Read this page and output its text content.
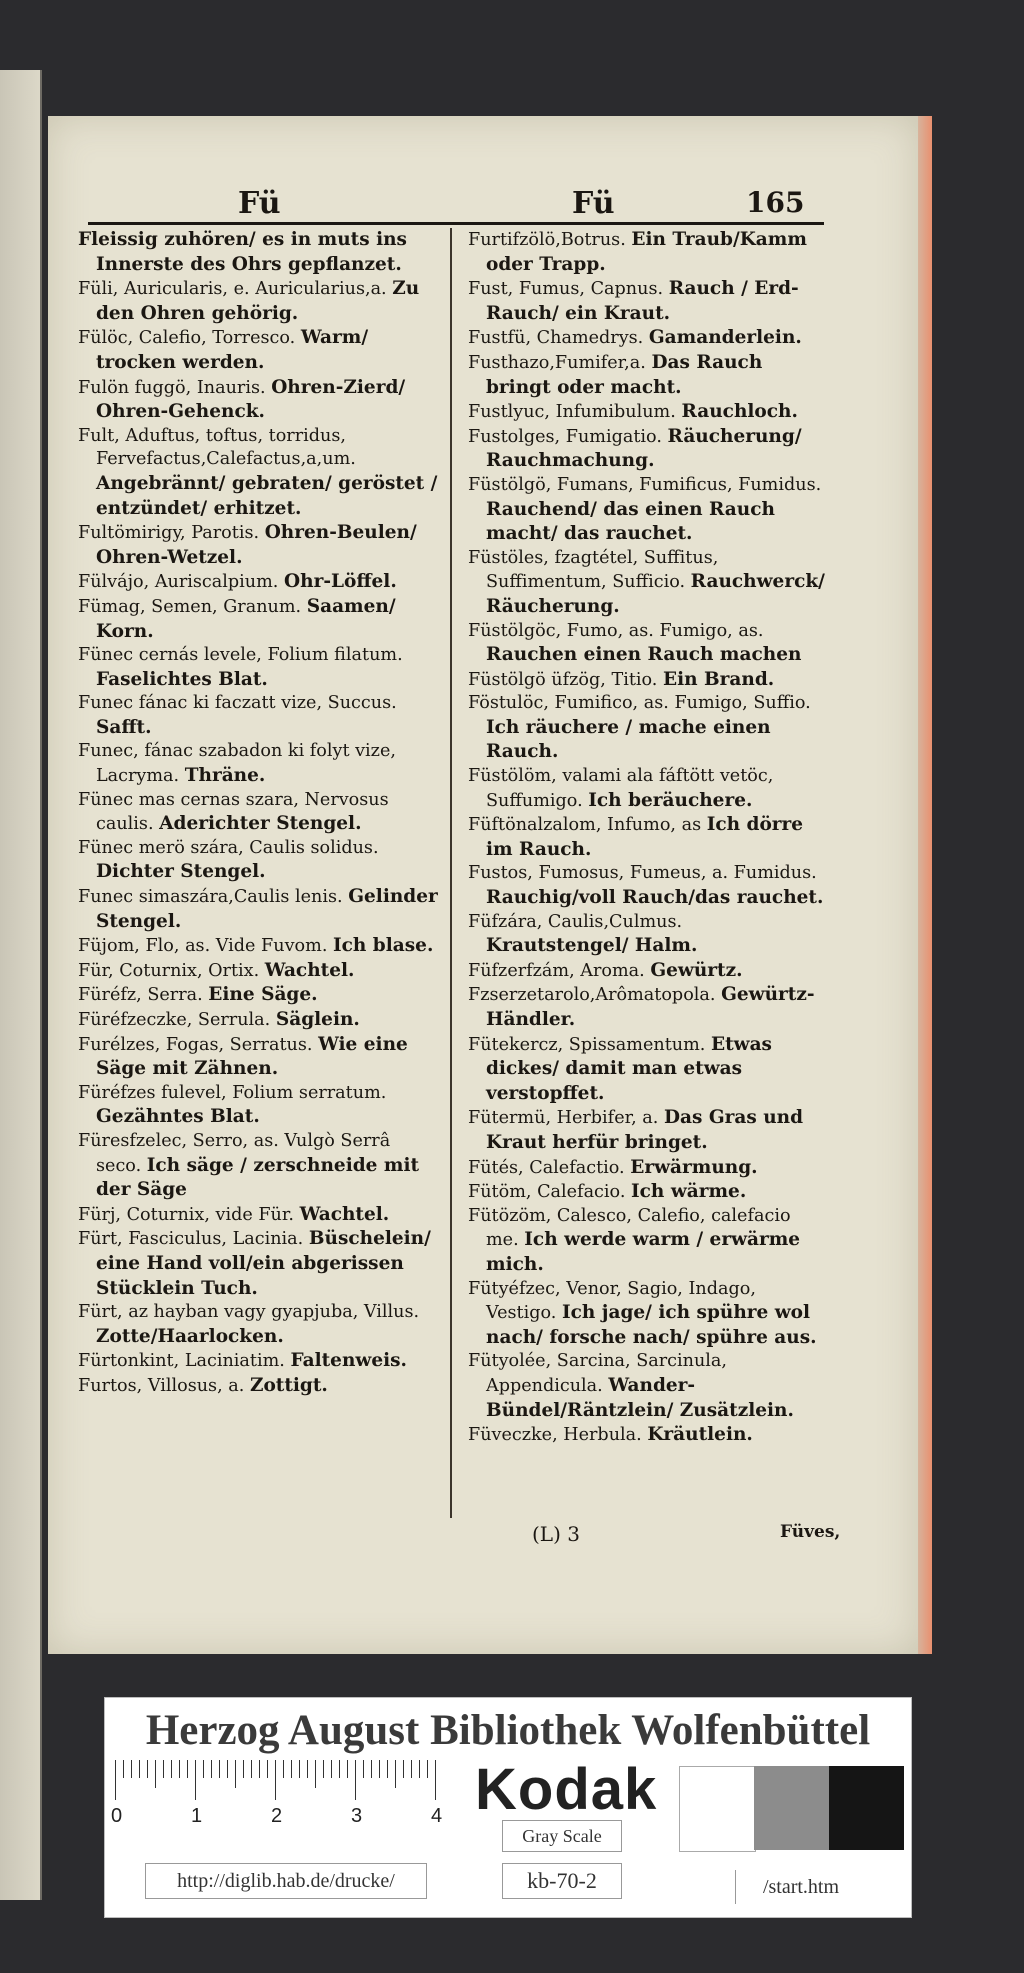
Fü	Fü	165

Fleissig zuhören/ es in muts ins Innerste des Ohrs gepflanzet.

Füli, Auricularis, e. Auricularius,a. Zu den Ohren gehörig.

Fülöc, Calefio, Torresco. Warm/ trocken werden.

Fulön fuggö, Inauris. Ohren-Zierd/ Ohren-Gehenck.

Fult, Aduftus, toftus, torridus, Fervefactus,Calefactus,a,um. Angebrännt/ gebraten/ geröstet / entzündet/ erhitzet.

Fultömirigy, Parotis. Ohren-Beulen/ Ohren-Wetzel.

Fülvájo, Auriscalpium. Ohr-Löffel.

Fümag, Semen, Granum. Saamen/ Korn.

Fünec cernás levele, Folium filatum. Faselichtes Blat.

Funec fánac ki faczatt vize, Succus. Safft.

Funec, fánac szabadon ki folyt vize, Lacryma. Thräne.

Fünec mas cernas szara, Nervosus caulis. Aderichter Stengel.

Fünec merö szára, Caulis solidus. Dichter Stengel.

Funec simaszára,Caulis lenis. Gelinder Stengel.

Füjom, Flo, as. Vide Fuvom. Ich blase.

Für, Coturnix, Ortix. Wachtel.

Füréfz, Serra. Eine Säge.

Füréfzeczke, Serrula. Säglein.

Furélzes, Fogas, Serratus. Wie eine Säge mit Zähnen.

Füréfzes fulevel, Folium serratum. Gezähntes Blat.

Füresfzelec, Serro, as. Vulgò Serrâ seco. Ich säge / zerschneide mit der Säge

Fürj, Coturnix, vide Für. Wachtel.

Fürt, Fasciculus, Lacinia. Büschelein/ eine Hand voll/ein abgerissen Stücklein Tuch.

Fürt, az hayban vagy gyapjuba, Villus. Zotte/Haarlocken.

Fürtonkint, Laciniatim. Faltenweis.

Furtos, Villosus, a. Zottigt.

Furtifzölö,Botrus. Ein Traub/Kamm oder Trapp.

Fust, Fumus, Capnus. Rauch / Erd-Rauch/ ein Kraut.

Fustfü, Chamedrys. Gamanderlein.

Fusthazo,Fumifer,a. Das Rauch bringt oder macht.

Fustlyuc, Infumibulum. Rauchloch.

Fustolges, Fumigatio. Räucherung/ Rauchmachung.

Füstölgö, Fumans, Fumificus, Fumidus. Rauchend/ das einen Rauch macht/ das rauchet.

Füstöles, fzagtétel, Suffitus, Suffimentum, Sufficio. Rauchwerck/ Räucherung.

Füstölgöc, Fumo, as. Fumigo, as. Rauchen einen Rauch machen

Füstölgö üfzög, Titio. Ein Brand.

Föstulöc, Fumifico, as. Fumigo, Suffio. Ich räuchere / mache einen Rauch.

Füstölöm, valami ala fáftött vetöc, Suffumigo. Ich beräuchere.

Füftönalzalom, Infumo, as Ich dörre im Rauch.

Fustos, Fumosus, Fumeus, a. Fumidus. Rauchig/voll Rauch/das rauchet.

Füfzára, Caulis,Culmus. Krautstengel/ Halm.

Füfzerfzám, Aroma. Gewürtz.

Fzserzetarolo,Arômatopola. Gewürtz-Händler.

Fütekercz, Spissamentum. Etwas dickes/ damit man etwas verstopffet.

Fütermü, Herbifer, a. Das Gras und Kraut herfür bringet.

Fütés, Calefactio. Erwärmung.

Fütöm, Calefacio. Ich wärme.

Fütözöm, Calesco, Calefio, calefacio me. Ich werde warm / erwärme mich.

Fütyéfzec, Venor, Sagio, Indago, Vestigo. Ich jage/ ich spühre wol nach/ forsche nach/ spühre aus.

Fütyolée, Sarcina, Sarcinula, Appendicula. Wander-Bündel/Räntzlein/ Zusätzlein.

Füveczke, Herbula. Kräutlein.

(L) 3	Füves,
Herzog August Bibliothek Wolfenbüttel
0	1	2	3	4 Kodak
Gray Scale
http://diglib.hab.de/drucke/	kb-70-2	/start.htm
